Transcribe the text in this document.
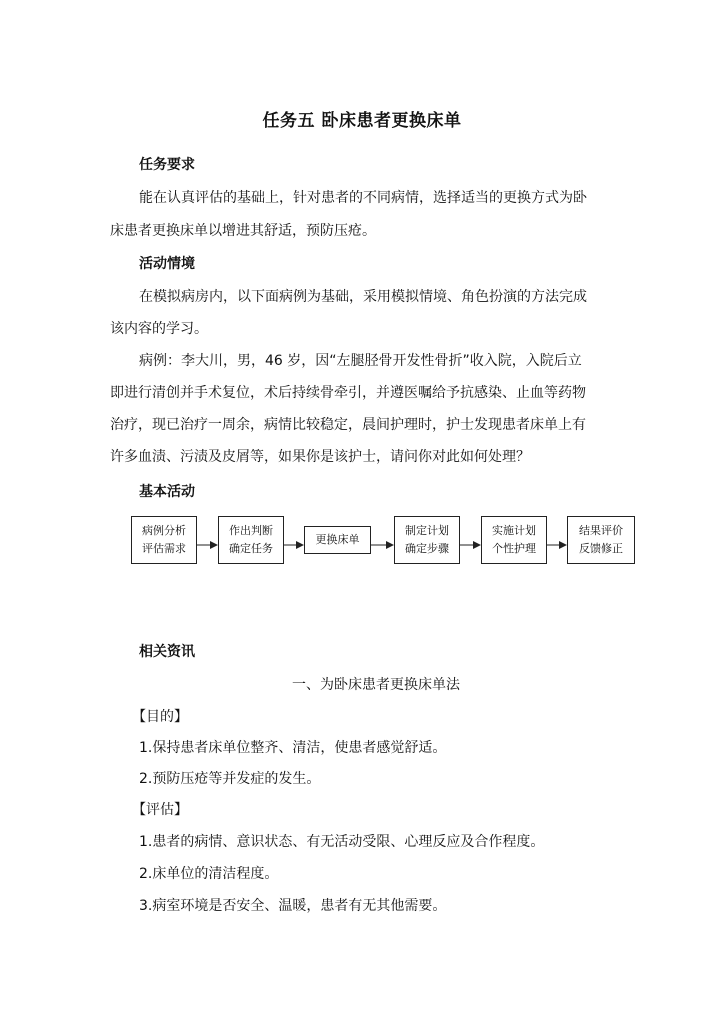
任务五 卧床患者更换床单
任务要求
能在认真评估的基础上，针对患者的不同病情，选择适当的更换方式为卧
床患者更换床单以增进其舒适，预防压疮。
活动情境
在模拟病房内，以下面病例为基础，采用模拟情境、角色扮演的方法完成
该内容的学习。
病例：李大川，男，46 岁，因“左腿胫骨开发性骨折”收入院，入院后立
即进行清创并手术复位，术后持续骨牵引，并遵医嘱给予抗感染、止血等药物
治疗，现已治疗一周余，病情比较稳定，晨间护理时，护士发现患者床单上有
许多血渍、污渍及皮屑等，如果你是该护士，请问你对此如何处理？
基本活动
病例分析
评估需求
作出判断
确定任务
更换床单
制定计划
确定步骤
实施计划
个性护理
结果评价
反馈修正
相关资讯
一、为卧床患者更换床单法
【目的】
1.保持患者床单位整齐、清洁，使患者感觉舒适。
2.预防压疮等并发症的发生。
【评估】
1.患者的病情、意识状态、有无活动受限、心理反应及合作程度。
2.床单位的清洁程度。
3.病室环境是否安全、温暖，患者有无其他需要。
